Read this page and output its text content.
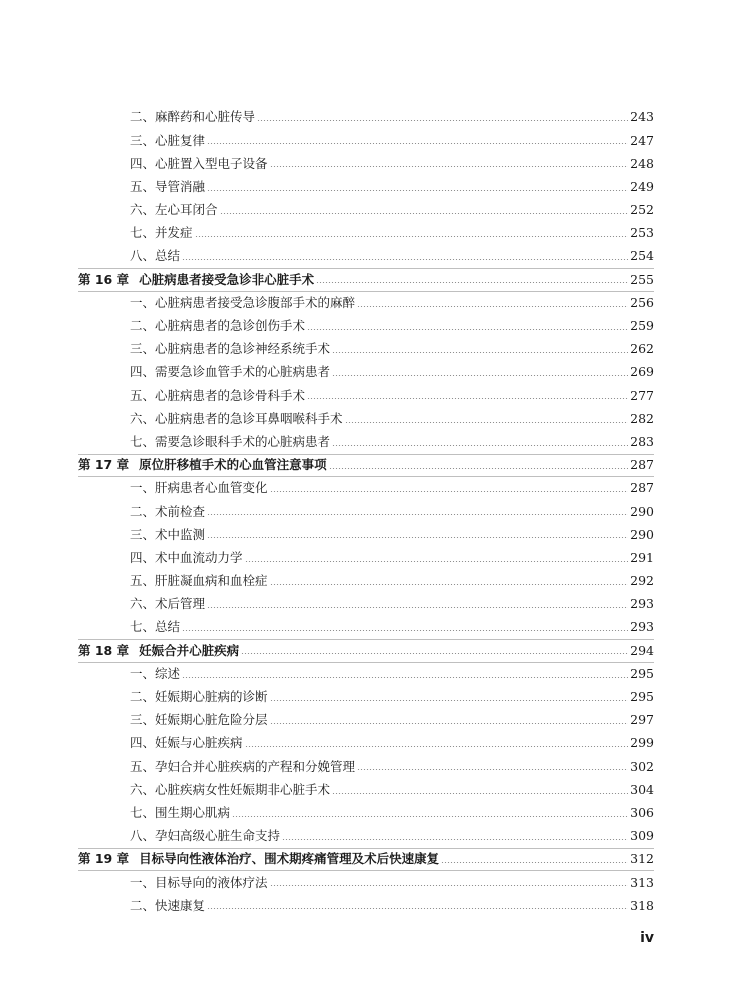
二、麻醉药和心脏传导	243
三、心脏复律	247
四、心脏置入型电子设备	248
五、导管消融	249
六、左心耳闭合	252
七、并发症	253
八、总结	254
第 16 章 心脏病患者接受急诊非心脏手术	255
一、心脏病患者接受急诊腹部手术的麻醉	256
二、心脏病患者的急诊创伤手术	259
三、心脏病患者的急诊神经系统手术	262
四、需要急诊血管手术的心脏病患者	269
五、心脏病患者的急诊骨科手术	277
六、心脏病患者的急诊耳鼻咽喉科手术	282
七、需要急诊眼科手术的心脏病患者	283
第 17 章 原位肝移植手术的心血管注意事项	287
一、肝病患者心血管变化	287
二、术前检查	290
三、术中监测	290
四、术中血流动力学	291
五、肝脏凝血病和血栓症	292
六、术后管理	293
七、总结	293
第 18 章 妊娠合并心脏疾病	294
一、综述	295
二、妊娠期心脏病的诊断	295
三、妊娠期心脏危险分层	297
四、妊娠与心脏疾病	299
五、孕妇合并心脏疾病的产程和分娩管理	302
六、心脏疾病女性妊娠期非心脏手术	304
七、围生期心肌病	306
八、孕妇高级心脏生命支持	309
第 19 章 目标导向性液体治疗、围术期疼痛管理及术后快速康复	312
一、目标导向的液体疗法	313
二、快速康复	318
iv
